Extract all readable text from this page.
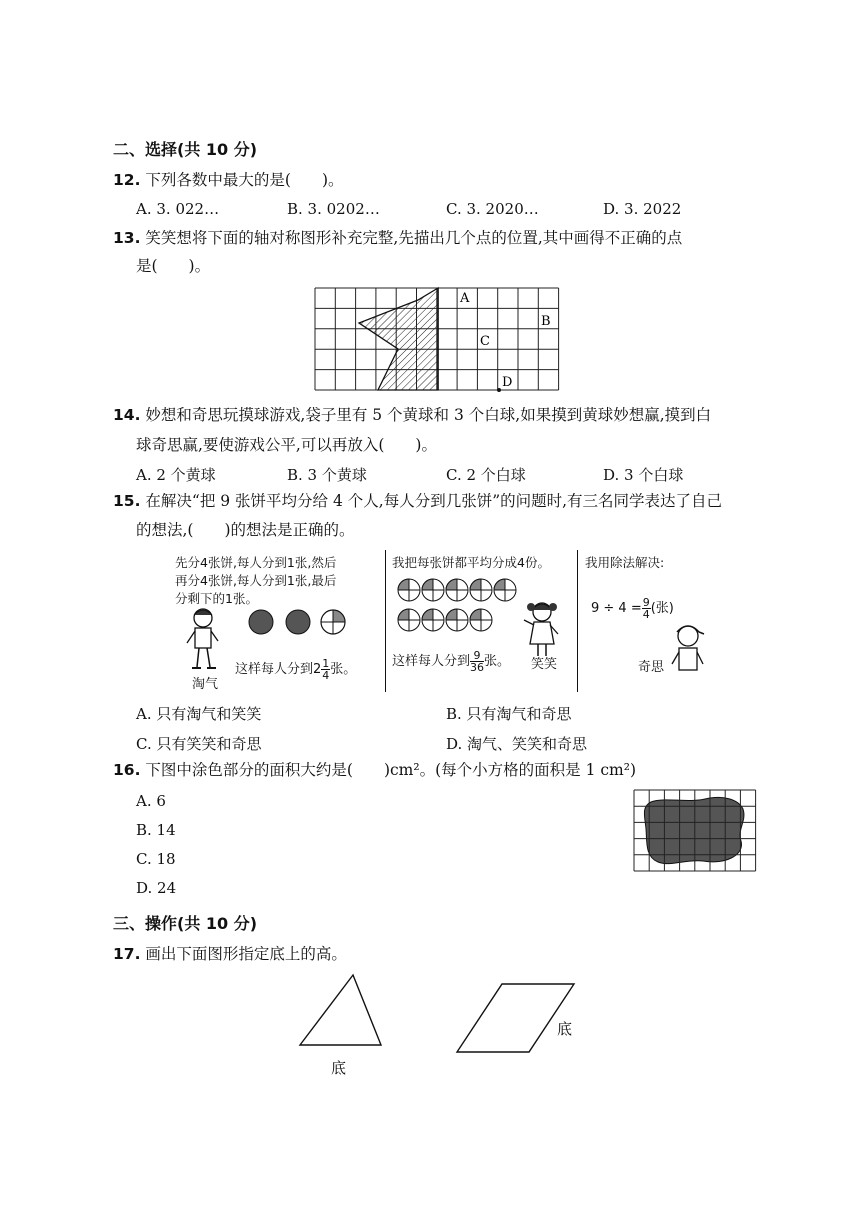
二、选择(共 10 分)
12. 下列各数中最大的是(　　)。
A. 3. 022…	B. 3. 0202…	C. 3. 2020…	D. 3. 2022
13. 笑笑想将下面的轴对称图形补充完整,先描出几个点的位置,其中画得不正确的点
是(　　)。
A
B
C
D
14. 妙想和奇思玩摸球游戏,袋子里有 5 个黄球和 3 个白球,如果摸到黄球妙想赢,摸到白
球奇思赢,要使游戏公平,可以再放入(　　)。
A. 2 个黄球	B. 3 个黄球	C. 2 个白球	D. 3 个白球
15. 在解决“把 9 张饼平均分给 4 个人,每人分到几张饼”的问题时,有三名同学表达了自己
的想法,(　　)的想法是正确的。
先分4张饼,每人分到1张,然后
再分4张饼,每人分到1张,最后
分剩下的1张。
这样每人分到$2 \frac{1}{4}$ 张。
淘气
我把每张饼都平均分成4份。
这样每人分到 $\frac{9}{36}$ 张。 笑笑
我用除法解决:
$9 \div 4 = \frac{9}{4}$ (张)
奇思
A. 只有淘气和笑笑	B. 只有淘气和奇思
C. 只有笑笑和奇思	D. 淘气、笑笑和奇思
16. 下图中涂色部分的面积大约是(　　)cm²。(每个小方格的面积是 1 cm²)
A. 6
B. 14
C. 18
D. 24
三、操作(共 10 分)
17. 画出下面图形指定底上的高。
底
底
